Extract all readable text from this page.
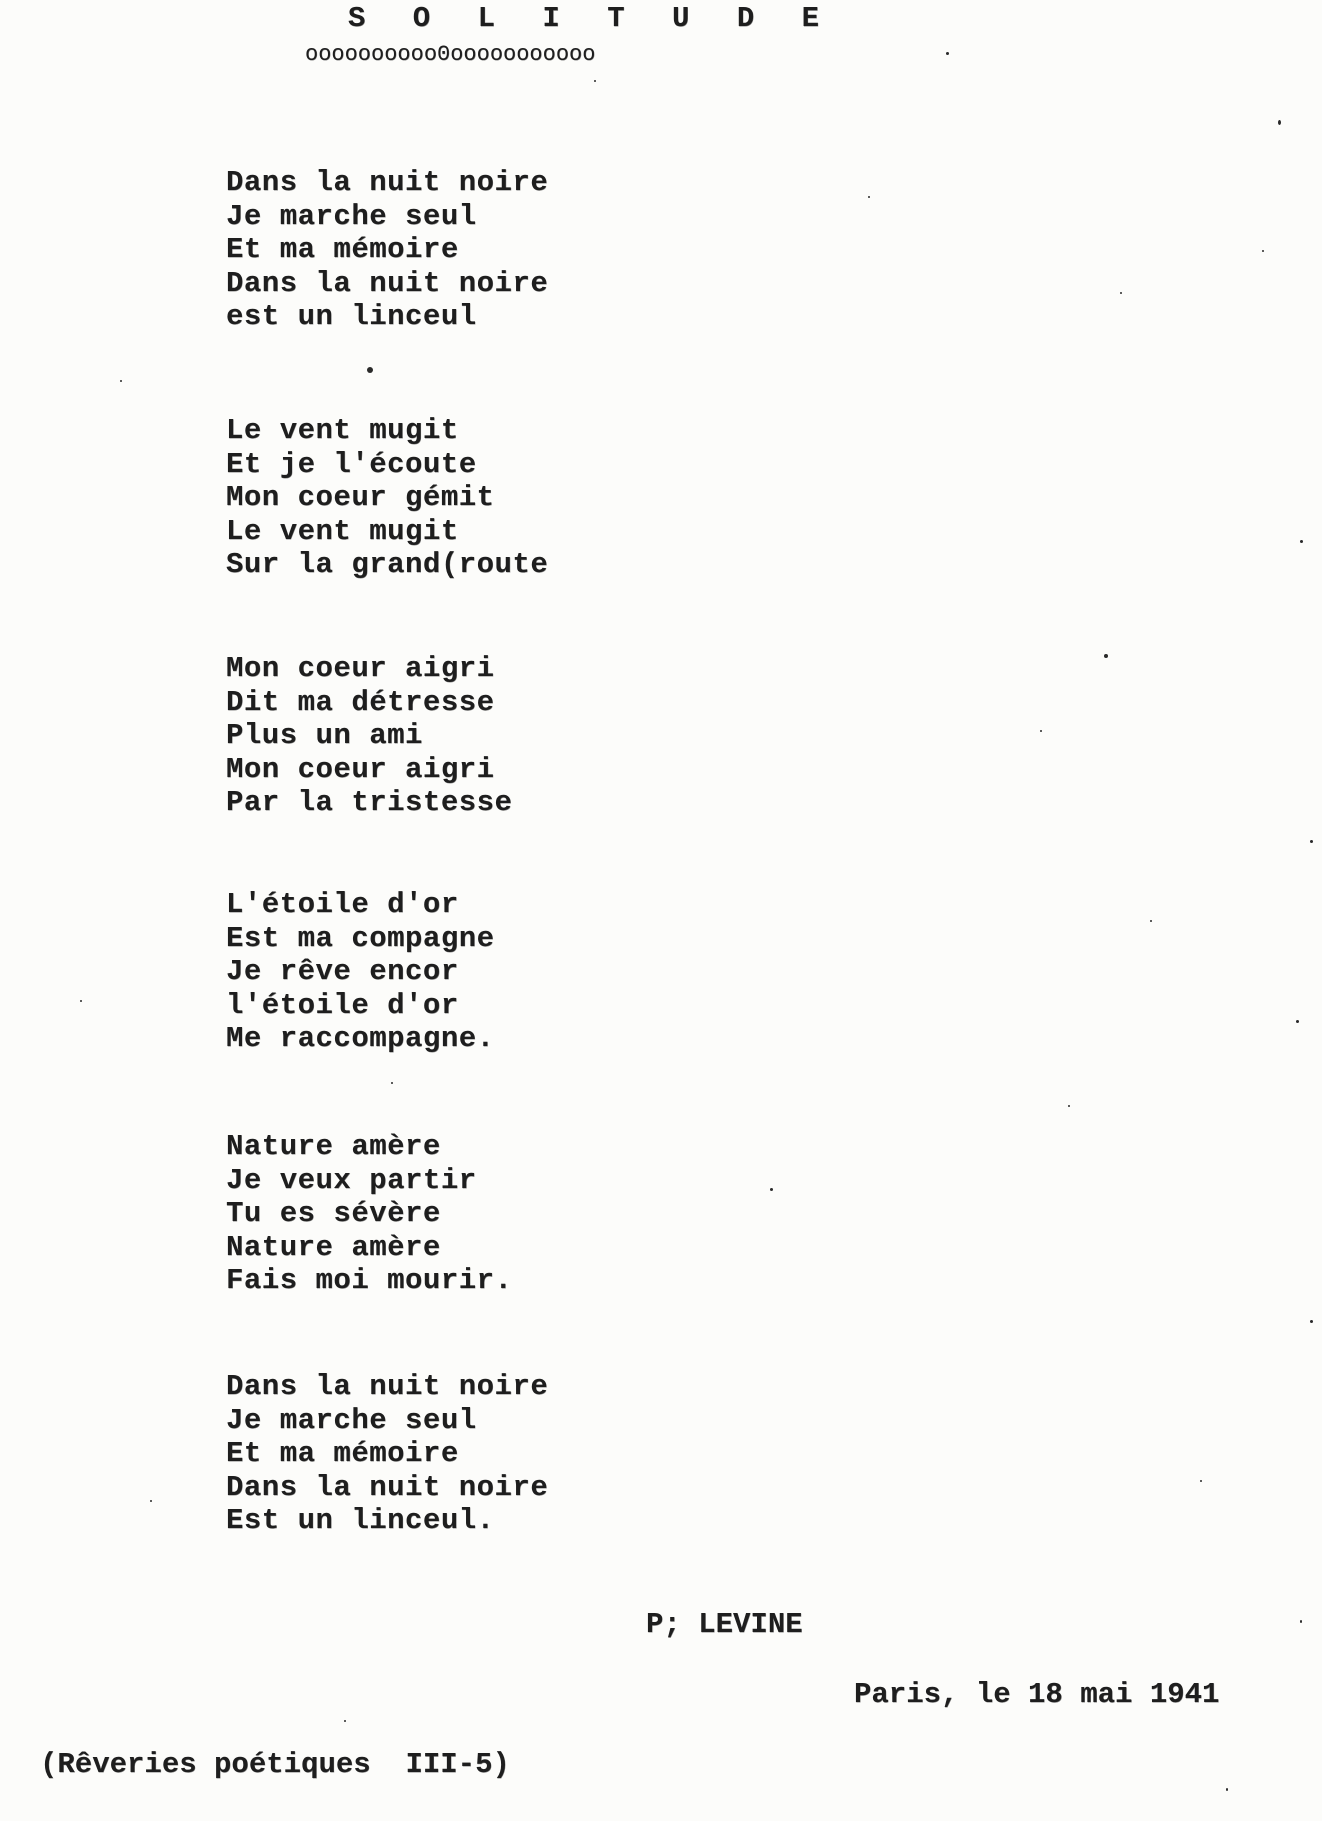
S O L I T U D E
oooooooooo0ooooooooooo
Dans la nuit noire
Je marche seul
Et ma mémoire
Dans la nuit noire
est un linceul
Le vent mugit
Et je l'écoute
Mon coeur gémit
Le vent mugit
Sur la grand(route
Mon coeur aigri
Dit ma détresse
Plus un ami
Mon coeur aigri
Par la tristesse
L'étoile d'or
Est ma compagne
Je rêve encor
l'étoile d'or
Me raccompagne.
Nature amère
Je veux partir
Tu es sévère
Nature amère
Fais moi mourir.
Dans la nuit noire
Je marche seul
Et ma mémoire
Dans la nuit noire
Est un linceul.
P; LEVINE
Paris, le 18 mai 1941
(Rêveries poétiques  III-5)
